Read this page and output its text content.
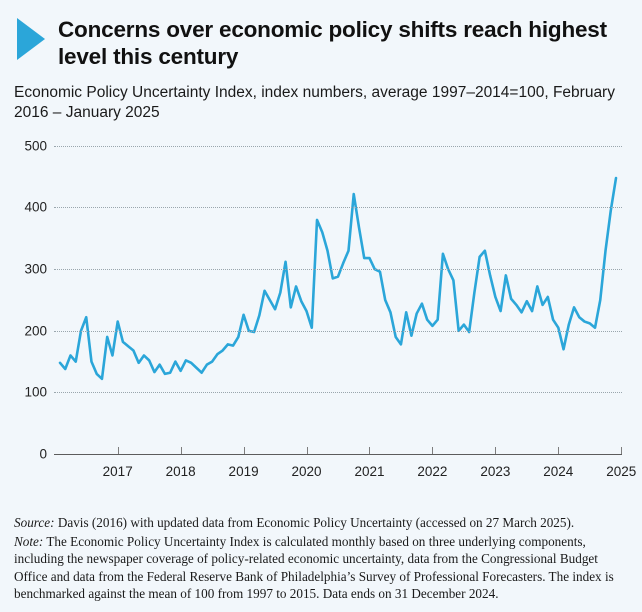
Concerns over economic policy shifts reach highest level this century

Economic Policy Uncertainty Index, index numbers, average 1997–2014=100, February 2016 – January 2025

0
100
200
300
400
500
2017 2018 2019 2020 2021 2022 2023 2024 2025

Source: Davis (2016) with updated data from Economic Policy Uncertainty (accessed on 27 March 2025).

Note: The Economic Policy Uncertainty Index is calculated monthly based on three underlying components, including the newspaper coverage of policy-related economic uncertainty, data from the Congressional Budget Office and data from the Federal Reserve Bank of Philadelphia’s Survey of Professional Forecasters. The index is benchmarked against the mean of 100 from 1997 to 2015. Data ends on 31 December 2024.
